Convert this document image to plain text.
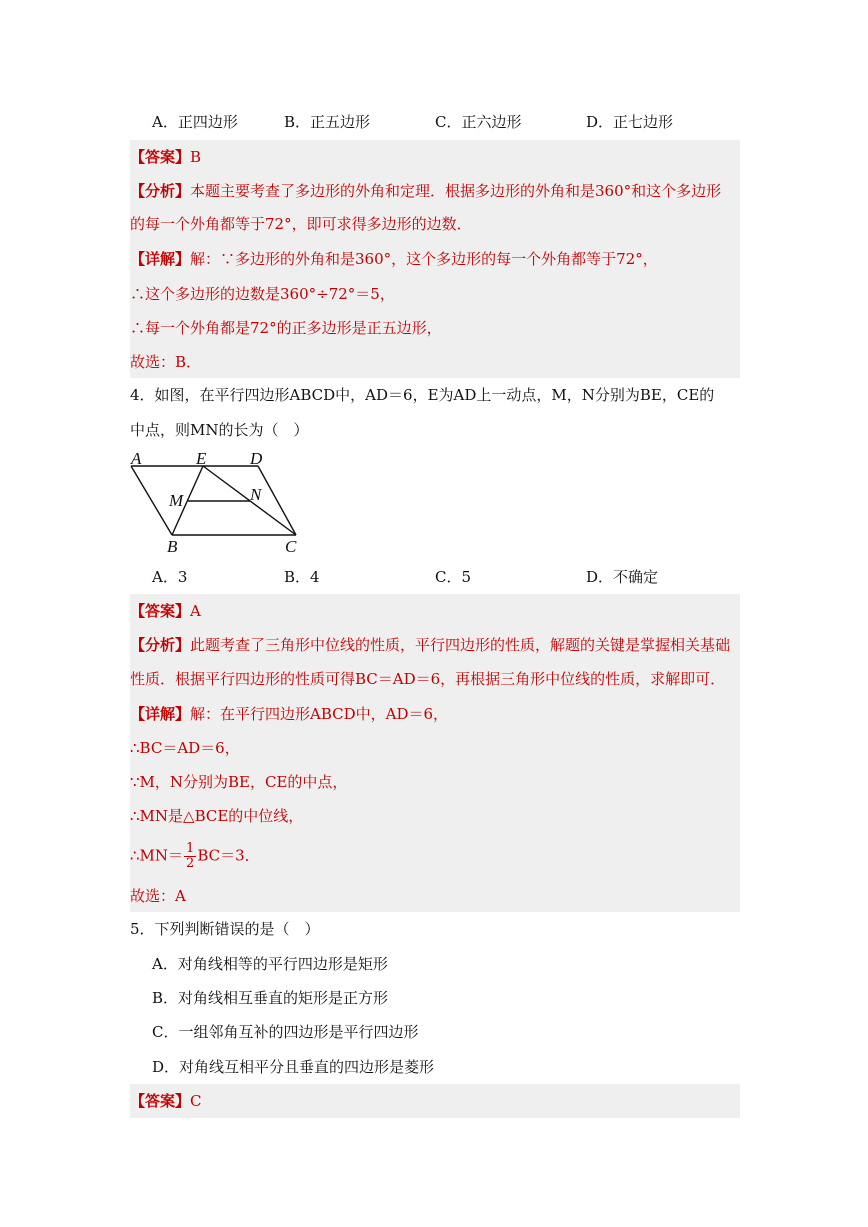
A．正四边形	B．正五边形	C．正六边形	D．正七边形
【答案】B
【分析】本题主要考查了多边形的外角和定理．根据多边形的外角和是360°和这个多边形
的每一个外角都等于72°，即可求得多边形的边数．
【详解】解：∵多边形的外角和是360°，这个多边形的每一个外角都等于72°，
∴这个多边形的边数是360°÷72°＝5，
∴每一个外角都是72°的正多边形是正五边形，
故选：B．
4．如图，在平行四边形ABCD中，AD＝6，E为AD上一动点，M，N分别为BE，CE的
中点，则MN的长为（　）
A	E	D
M	N
B	C
A．3	B．4	C．5	D．不确定
【答案】A
【分析】此题考查了三角形中位线的性质，平行四边形的性质，解题的关键是掌握相关基础
性质．根据平行四边形的性质可得BC＝AD＝6，再根据三角形中位线的性质，求解即可．
【详解】解：在平行四边形ABCD中，AD＝6，
∴BC＝AD＝6，
∵M，N分别为BE，CE的中点，
∴MN是△BCE的中位线，
∴MN＝ $\frac{1}{2} BC=3$．
故选：A
5．下列判断错误的是（　）
A．对角线相等的平行四边形是矩形
B．对角线相互垂直的矩形是正方形
C．一组邻角互补的四边形是平行四边形
D．对角线互相平分且垂直的四边形是菱形
【答案】C
